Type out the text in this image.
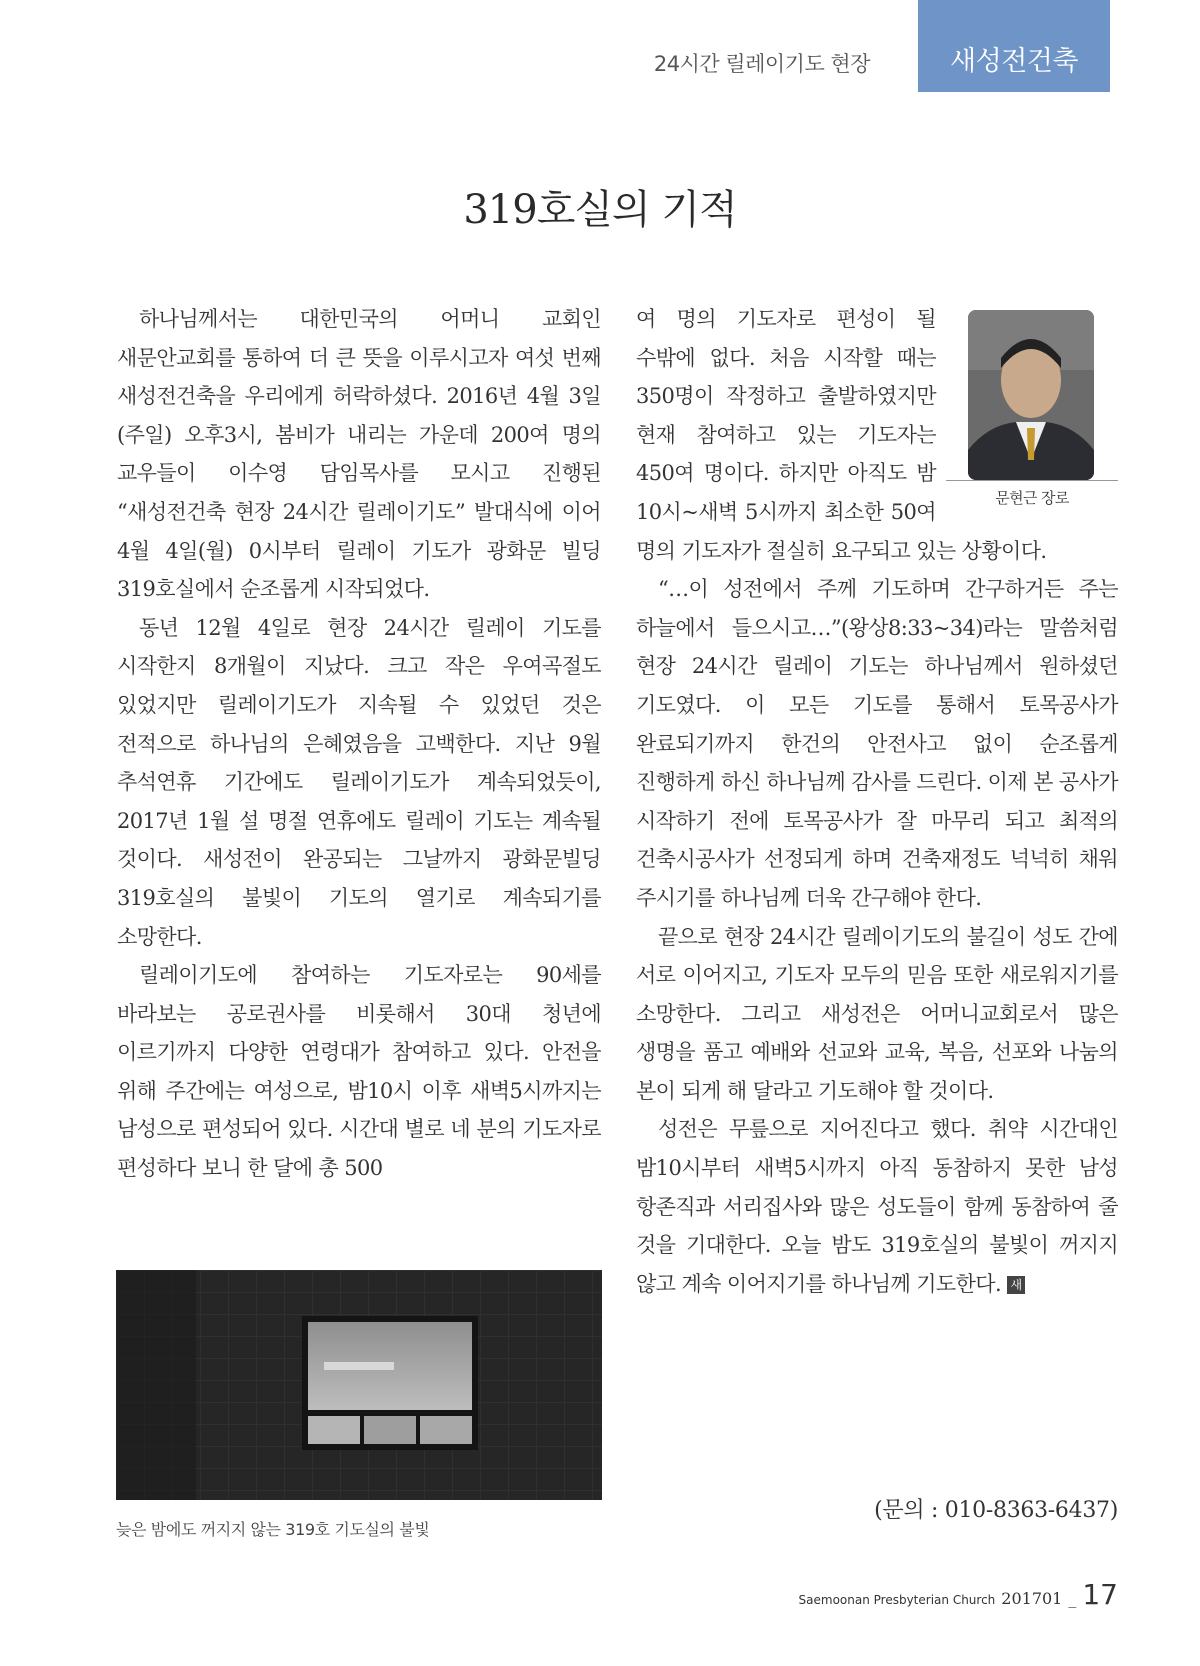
24시간 릴레이기도 현장	새성전건축
319호실의 기적

하나님께서는 대한민국의 어머니 교회인 새문안교회를 통하여 더 큰 뜻을 이루시고자 여섯 번째 새성전건축을 우리에게 허락하셨다. 2016년 4월 3일(주일) 오후3시, 봄비가 내리는 가운데 200여 명의 교우들이 이수영 담임목사를 모시고 진행된 “새성전건축 현장 24시간 릴레이기도” 발대식에 이어 4월 4일(월) 0시부터 릴레이 기도가 광화문 빌딩 319호실에서 순조롭게 시작되었다.

동년 12월 4일로 현장 24시간 릴레이 기도를 시작한지 8개월이 지났다. 크고 작은 우여곡절도 있었지만 릴레이기도가 지속될 수 있었던 것은 전적으로 하나님의 은혜였음을 고백한다. 지난 9월 추석연휴 기간에도 릴레이기도가 계속되었듯이, 2017년 1월 설 명절 연휴에도 릴레이 기도는 계속될 것이다. 새성전이 완공되는 그날까지 광화문빌딩 319호실의 불빛이 기도의 열기로 계속되기를 소망한다.

릴레이기도에 참여하는 기도자로는 90세를 바라보는 공로권사를 비롯해서 30대 청년에 이르기까지 다양한 연령대가 참여하고 있다. 안전을 위해 주간에는 여성으로, 밤10시 이후 새벽5시까지는 남성으로 편성되어 있다. 시간대 별로 네 분의 기도자로 편성하다 보니 한 달에 총 500

문현근 장로

여 명의 기도자로 편성이 될 수밖에 없다. 처음 시작할 때는 350명이 작정하고 출발하였지만 현재 참여하고 있는 기도자는 450여 명이다. 하지만 아직도 밤 10시~새벽 5시까지 최소한 50여 명의 기도자가 절실히 요구되고 있는 상황이다.

“…이 성전에서 주께 기도하며 간구하거든 주는 하늘에서 들으시고…”(왕상8:33~34)라는 말씀처럼 현장 24시간 릴레이 기도는 하나님께서 원하셨던 기도였다. 이 모든 기도를 통해서 토목공사가 완료되기까지 한건의 안전사고 없이 순조롭게 진행하게 하신 하나님께 감사를 드린다. 이제 본 공사가 시작하기 전에 토목공사가 잘 마무리 되고 최적의 건축시공사가 선정되게 하며 건축재정도 넉넉히 채워 주시기를 하나님께 더욱 간구해야 한다.

끝으로 현장 24시간 릴레이기도의 불길이 성도 간에 서로 이어지고, 기도자 모두의 믿음 또한 새로워지기를 소망한다. 그리고 새성전은 어머니교회로서 많은 생명을 품고 예배와 선교와 교육, 복음, 선포와 나눔의 본이 되게 해 달라고 기도해야 할 것이다.

성전은 무릎으로 지어진다고 했다. 취약 시간대인 밤10시부터 새벽5시까지 아직 동참하지 못한 남성 항존직과 서리집사와 많은 성도들이 함께 동참하여 줄 것을 기대한다. 오늘 밤도 319호실의 불빛이 꺼지지 않고 계속 이어지기를 하나님께 기도한다. 새

(문의 : 010-8363-6437)
늦은 밤에도 꺼지지 않는 319호 기도실의 불빛
Saemoonan Presbyterian Church 201701 _ 17
